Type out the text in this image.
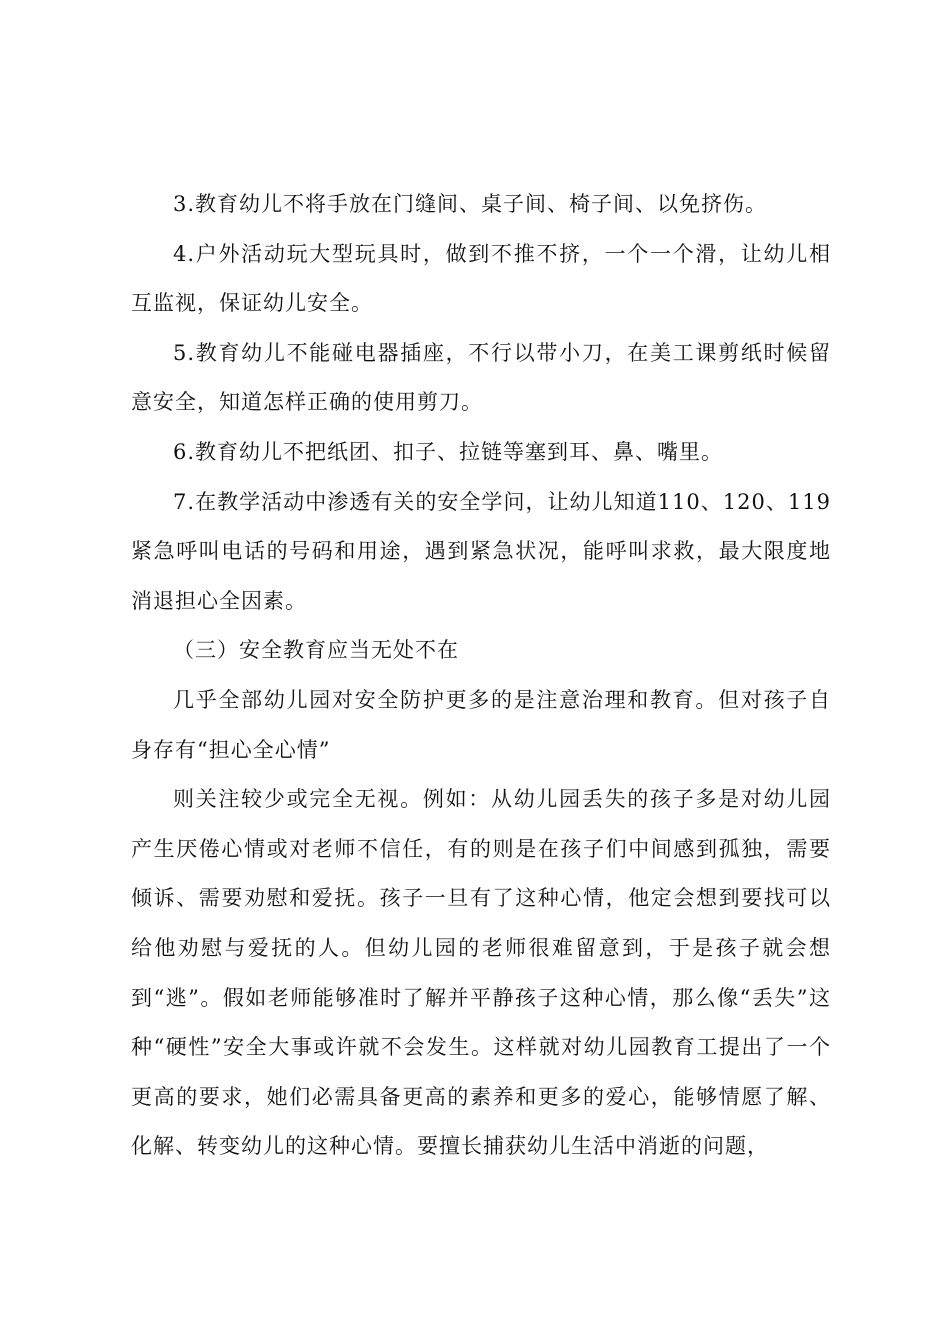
3.教育幼儿不将手放在门缝间、桌子间、椅子间、以免挤伤。

4.户外活动玩大型玩具时，做到不推不挤，一个一个滑，让幼儿相互监视，保证幼儿安全。

5.教育幼儿不能碰电器插座，不行以带小刀，在美工课剪纸时候留意安全，知道怎样正确的使用剪刀。

6.教育幼儿不把纸团、扣子、拉链等塞到耳、鼻、嘴里。

7.在教学活动中渗透有关的安全学问，让幼儿知道110、120、119紧急呼叫电话的号码和用途，遇到紧急状况，能呼叫求救，最大限度地消退担心全因素。

（三）安全教育应当无处不在

几乎全部幼儿园对安全防护更多的是注意治理和教育。但对孩子自身存有“担心全心情”

则关注较少或完全无视。例如：从幼儿园丢失的孩子多是对幼儿园产生厌倦心情或对老师不信任，有的则是在孩子们中间感到孤独，需要倾诉、需要劝慰和爱抚。孩子一旦有了这种心情，他定会想到要找可以给他劝慰与爱抚的人。但幼儿园的老师很难留意到，于是孩子就会想到“逃”。假如老师能够准时了解并平静孩子这种心情，那么像“丢失”这种“硬性”安全大事或许就不会发生。这样就对幼儿园教育工提出了一个更高的要求，她们必需具备更高的素养和更多的爱心，能够情愿了解、化解、转变幼儿的这种心情。要擅长捕获幼儿生活中消逝的问题，
